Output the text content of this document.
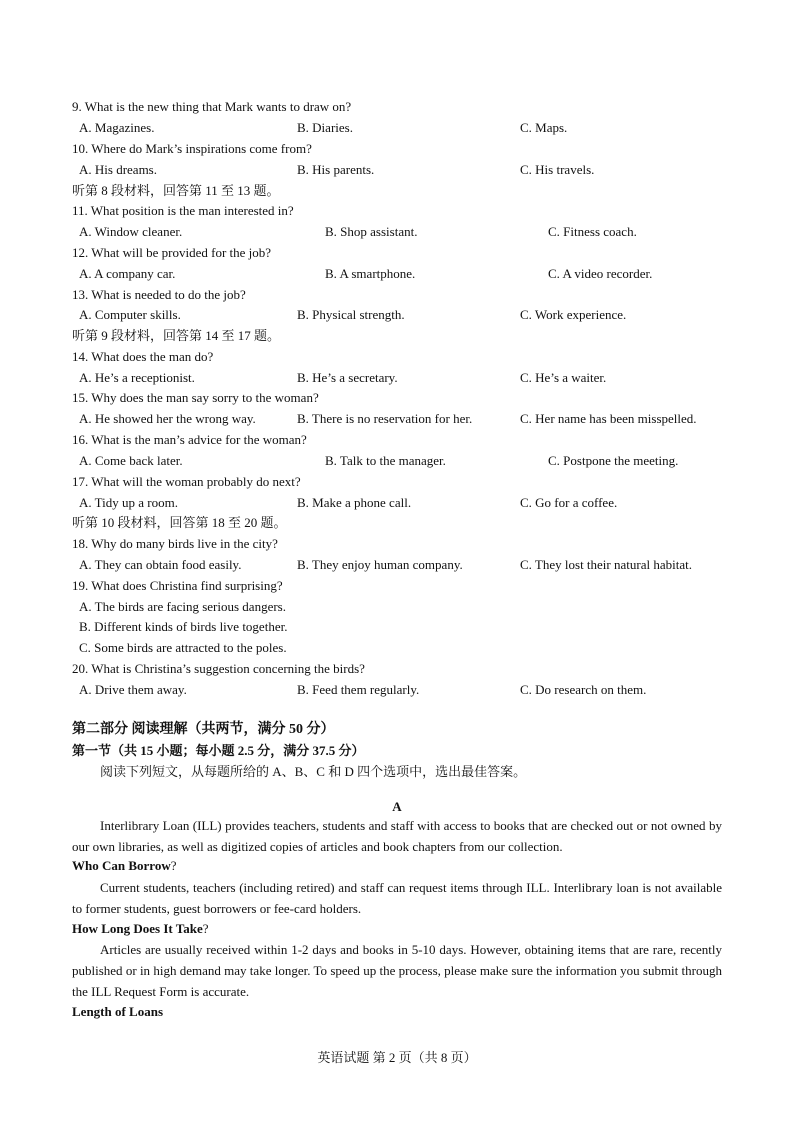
9. What is the new thing that Mark wants to draw on?
A. Magazines.	B. Diaries.	C. Maps.
10. Where do Mark’s inspirations come from?
A. His dreams.	B. His parents.	C. His travels.
听第 8 段材料，回答第 11 至 13 题。
11. What position is the man interested in?
A. Window cleaner.	B. Shop assistant.	C. Fitness coach.
12. What will be provided for the job?
A. A company car.	B. A smartphone.	C. A video recorder.
13. What is needed to do the job?
A. Computer skills.	B. Physical strength.	C. Work experience.
听第 9 段材料，回答第 14 至 17 题。
14. What does the man do?
A. He’s a receptionist.	B. He’s a secretary.	C. He’s a waiter.
15. Why does the man say sorry to the woman?
A. He showed her the wrong way.	B. There is no reservation for her.	C. Her name has been misspelled.
16. What is the man’s advice for the woman?
A. Come back later.	B. Talk to the manager.	C. Postpone the meeting.
17. What will the woman probably do next?
A. Tidy up a room.	B. Make a phone call.	C. Go for a coffee.
听第 10 段材料，回答第 18 至 20 题。
18. Why do many birds live in the city?
A. They can obtain food easily.	B. They enjoy human company.	C. They lost their natural habitat.
19. What does Christina find surprising?
A. The birds are facing serious dangers.
B. Different kinds of birds live together.
C. Some birds are attracted to the poles.
20. What is Christina’s suggestion concerning the birds?
A. Drive them away.	B. Feed them regularly.	C. Do research on them.
第二部分 阅读理解（共两节，满分 50 分）
第一节（共 15 小题；每小题 2.5 分，满分 37.5 分）
阅读下列短文，从每题所给的 A、B、C 和 D 四个选项中，选出最佳答案。
A
Interlibrary Loan (ILL) provides teachers, students and staff with access to books that are checked out or not owned by our own libraries, as well as digitized copies of articles and book chapters from our collection.
Who Can Borrow?
Current students, teachers (including retired) and staff can request items through ILL. Interlibrary loan is not available to former students, guest borrowers or fee-card holders.
How Long Does It Take?
Articles are usually received within 1-2 days and books in 5-10 days. However, obtaining items that are rare, recently published or in high demand may take longer. To speed up the process, please make sure the information you submit through the ILL Request Form is accurate.
Length of Loans
英语试题 第 2 页（共 8 页）
